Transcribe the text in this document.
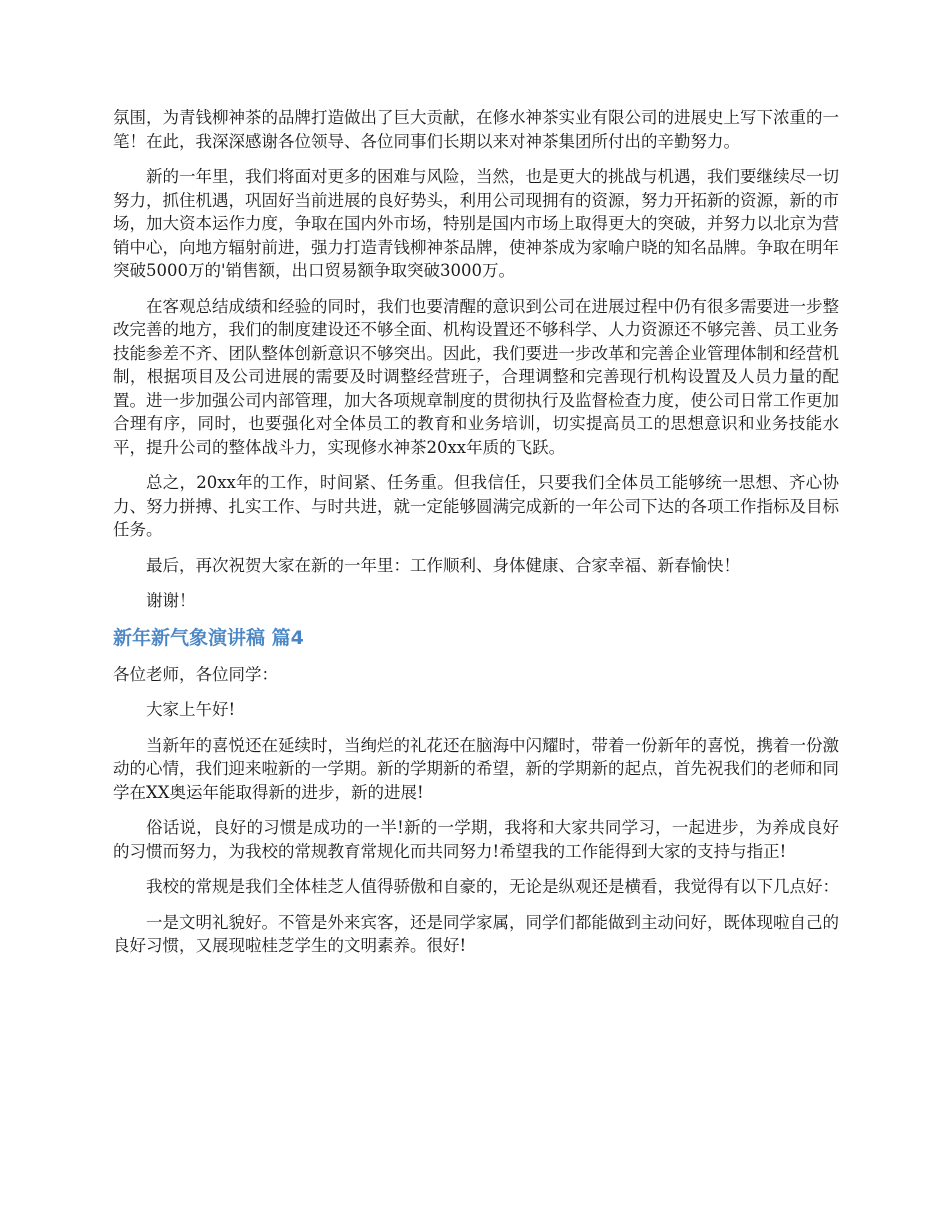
氛围，为青钱柳神茶的品牌打造做出了巨大贡献，在修水神茶实业有限公司的进展史上写下浓重的一笔！在此，我深深感谢各位领导、各位同事们长期以来对神茶集团所付出的辛勤努力。

新的一年里，我们将面对更多的困难与风险，当然，也是更大的挑战与机遇，我们要继续尽一切努力，抓住机遇，巩固好当前进展的良好势头，利用公司现拥有的资源，努力开拓新的资源，新的市场，加大资本运作力度，争取在国内外市场，特别是国内市场上取得更大的突破，并努力以北京为营销中心，向地方辐射前进，强力打造青钱柳神茶品牌，使神茶成为家喻户晓的知名品牌。争取在明年突破5000万的'销售额，出口贸易额争取突破3000万。

在客观总结成绩和经验的同时，我们也要清醒的意识到公司在进展过程中仍有很多需要进一步整改完善的地方，我们的制度建设还不够全面、机构设置还不够科学、人力资源还不够完善、员工业务技能参差不齐、团队整体创新意识不够突出。因此，我们要进一步改革和完善企业管理体制和经营机制，根据项目及公司进展的需要及时调整经营班子，合理调整和完善现行机构设置及人员力量的配置。进一步加强公司内部管理，加大各项规章制度的贯彻执行及监督检查力度，使公司日常工作更加合理有序，同时，也要强化对全体员工的教育和业务培训，切实提高员工的思想意识和业务技能水平，提升公司的整体战斗力，实现修水神茶20xx年质的飞跃。

总之，20xx年的工作，时间紧、任务重。但我信任，只要我们全体员工能够统一思想、齐心协力、努力拼搏、扎实工作、与时共进，就一定能够圆满完成新的一年公司下达的各项工作指标及目标任务。

最后，再次祝贺大家在新的一年里：工作顺利、身体健康、合家幸福、新春愉快！

谢谢！

新年新气象演讲稿 篇4

各位老师，各位同学：

大家上午好!

当新年的喜悦还在延续时，当绚烂的礼花还在脑海中闪耀时，带着一份新年的喜悦，携着一份激动的心情，我们迎来啦新的一学期。新的学期新的希望，新的学期新的起点，首先祝我们的老师和同学在XX奥运年能取得新的进步，新的进展!

俗话说，良好的习惯是成功的一半!新的一学期，我将和大家共同学习，一起进步，为养成良好的习惯而努力，为我校的常规教育常规化而共同努力!希望我的工作能得到大家的支持与指正!

我校的常规是我们全体桂芝人值得骄傲和自豪的，无论是纵观还是横看，我觉得有以下几点好：

一是文明礼貌好。不管是外来宾客，还是同学家属，同学们都能做到主动问好，既体现啦自己的良好习惯，又展现啦桂芝学生的文明素养。很好!
